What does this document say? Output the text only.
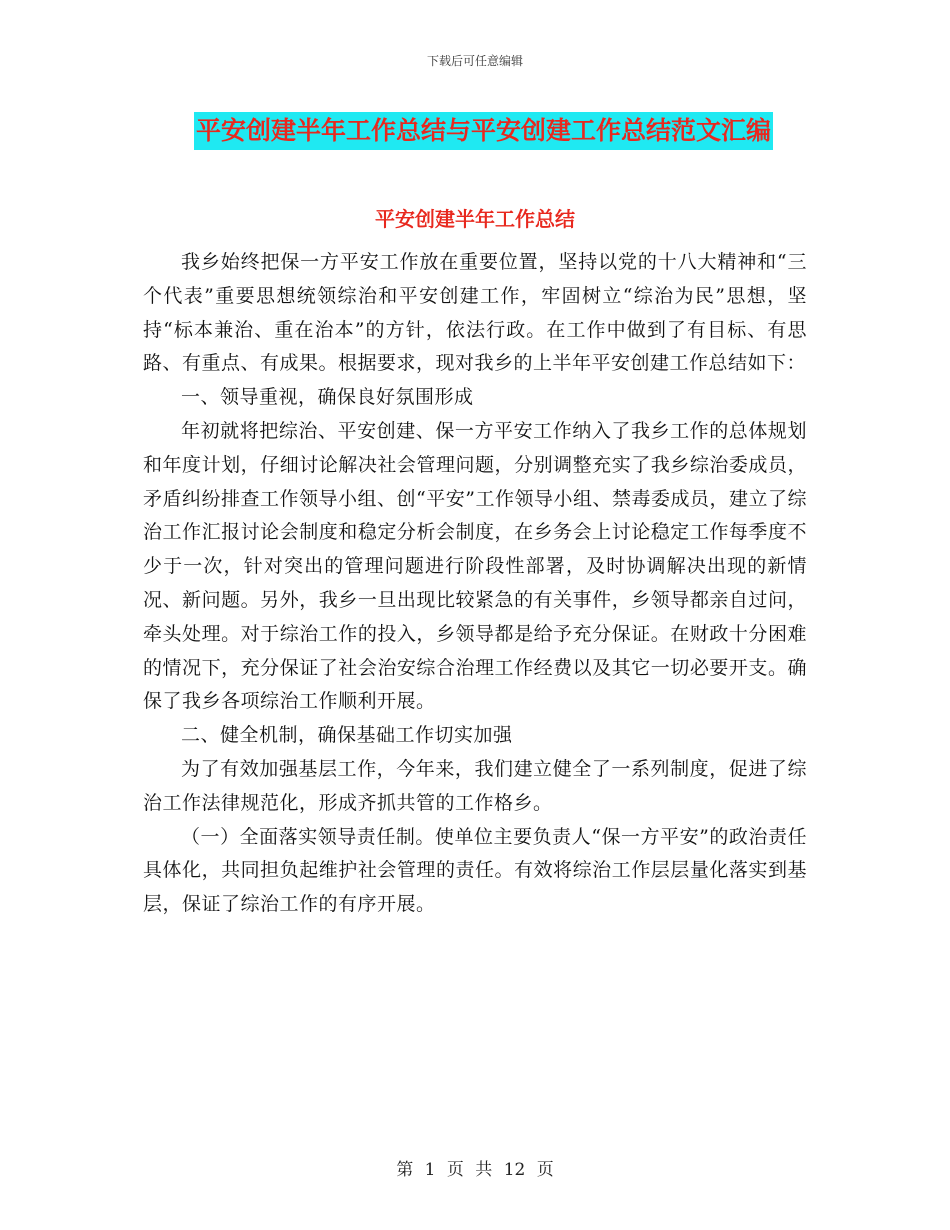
下载后可任意编辑
平安创建半年工作总结与平安创建工作总结范文汇编
平安创建半年工作总结

我乡始终把保一方平安工作放在重要位置，坚持以党的十八大精神和“三个代表”重要思想统领综治和平安创建工作，牢固树立“综治为民”思想，坚持“标本兼治、重在治本”的方针，依法行政。在工作中做到了有目标、有思路、有重点、有成果。根据要求，现对我乡的上半年平安创建工作总结如下：

一、领导重视，确保良好氛围形成

年初就将把综治、平安创建、保一方平安工作纳入了我乡工作的总体规划和年度计划，仔细讨论解决社会管理问题，分别调整充实了我乡综治委成员，矛盾纠纷排查工作领导小组、创“平安”工作领导小组、禁毒委成员，建立了综治工作汇报讨论会制度和稳定分析会制度，在乡务会上讨论稳定工作每季度不少于一次，针对突出的管理问题进行阶段性部署，及时协调解决出现的新情况、新问题。另外，我乡一旦出现比较紧急的有关事件，乡领导都亲自过问，牵头处理。对于综治工作的投入，乡领导都是给予充分保证。在财政十分困难的情况下，充分保证了社会治安综合治理工作经费以及其它一切必要开支。确保了我乡各项综治工作顺利开展。

二、健全机制，确保基础工作切实加强

为了有效加强基层工作，今年来，我们建立健全了一系列制度，促进了综治工作法律规范化，形成齐抓共管的工作格乡。

（一）全面落实领导责任制。使单位主要负责人“保一方平安”的政治责任具体化，共同担负起维护社会管理的责任。有效将综治工作层层量化落实到基层，保证了综治工作的有序开展。

第 1 页 共 12 页
